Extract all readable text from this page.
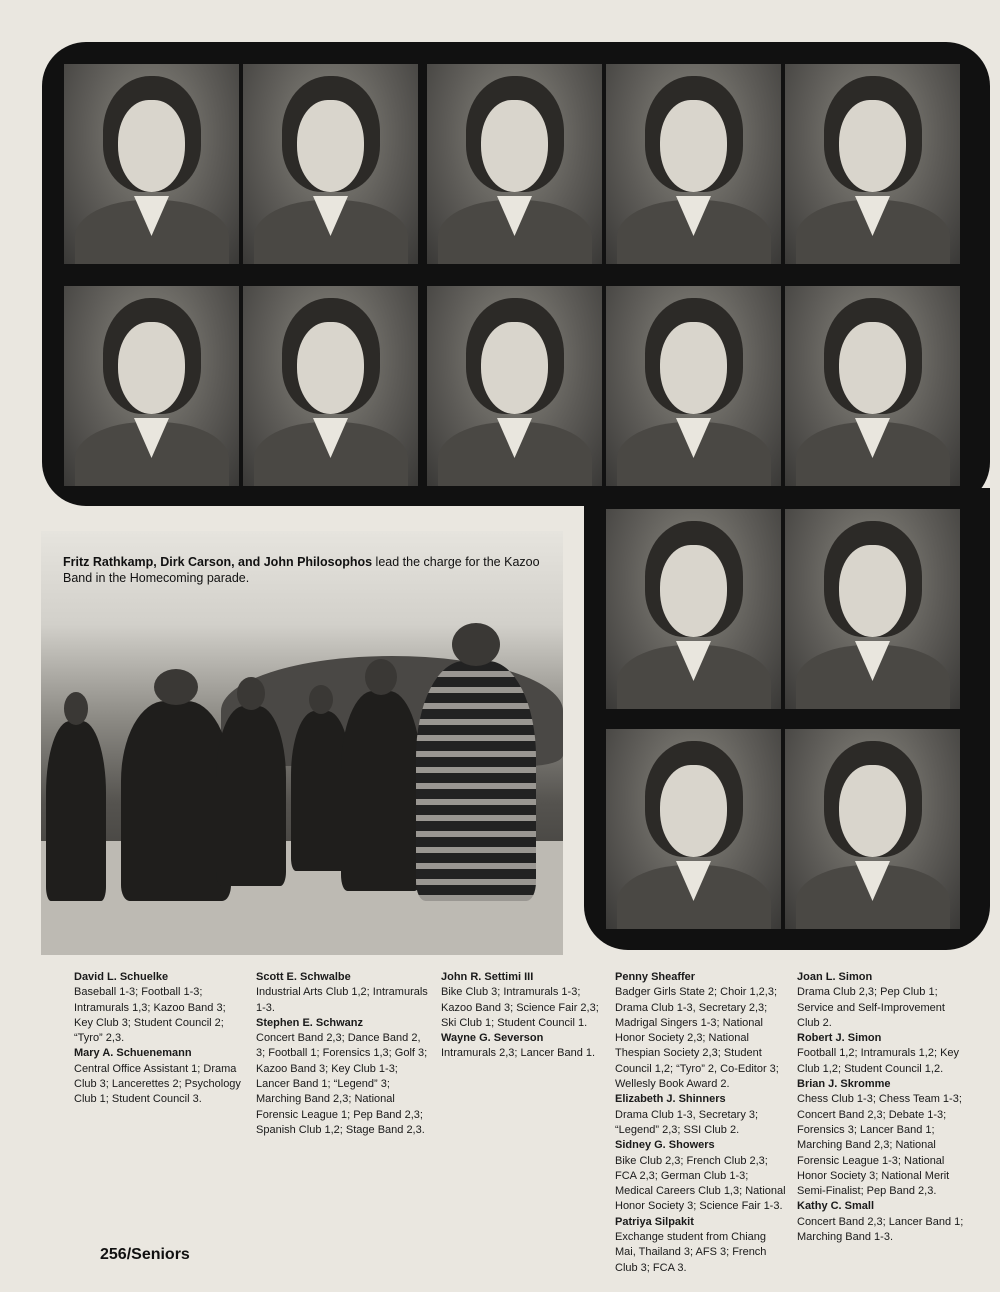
Fritz Rathkamp, Dirk Carson, and John Philosophos lead the charge for the Kazoo Band in the Homecoming parade.

David L. Schuelke
Baseball 1-3; Football 1-3; Intramurals 1,3; Kazoo Band 3; Key Club 3; Student Council 2; “Tyro” 2,3.

Mary A. Schuenemann
Central Office Assistant 1; Drama Club 3; Lancerettes 2; Psychology Club 1; Student Council 3.

Scott E. Schwalbe
Industrial Arts Club 1,2; Intramurals 1-3.

Stephen E. Schwanz
Concert Band 2,3; Dance Band 2, 3; Football 1; Forensics 1,3; Golf 3; Kazoo Band 3; Key Club 1-3; Lancer Band 1; “Legend” 3; Marching Band 2,3; National Forensic League 1; Pep Band 2,3; Spanish Club 1,2; Stage Band 2,3.

John R. Settimi III
Bike Club 3; Intramurals 1-3; Kazoo Band 3; Science Fair 2,3; Ski Club 1; Student Council 1.

Wayne G. Severson
Intramurals 2,3; Lancer Band 1.

Penny Sheaffer
Badger Girls State 2; Choir 1,2,3; Drama Club 1-3, Secretary 2,3; Madrigal Singers 1-3; National Honor Society 2,3; National Thespian Society 2,3; Student Council 1,2; “Tyro” 2, Co-Editor 3; Wellesly Book Award 2.

Elizabeth J. Shinners
Drama Club 1-3, Secretary 3; “Legend” 2,3; SSI Club 2.

Sidney G. Showers
Bike Club 2,3; French Club 2,3; FCA 2,3; German Club 1-3; Medical Careers Club 1,3; National Honor Society 3; Science Fair 1-3.

Patriya Silpakit
Exchange student from Chiang Mai, Thailand 3; AFS 3; French Club 3; FCA 3.

Joan L. Simon
Drama Club 2,3; Pep Club 1; Service and Self-Improvement Club 2.

Robert J. Simon
Football 1,2; Intramurals 1,2; Key Club 1,2; Student Council 1,2.

Brian J. Skromme
Chess Club 1-3; Chess Team 1-3; Concert Band 2,3; Debate 1-3; Forensics 3; Lancer Band 1; Marching Band 2,3; National Forensic League 1-3; National Honor Society 3; National Merit Semi-Finalist; Pep Band 2,3.

Kathy C. Small
Concert Band 2,3; Lancer Band 1; Marching Band 1-3.

256/Seniors
